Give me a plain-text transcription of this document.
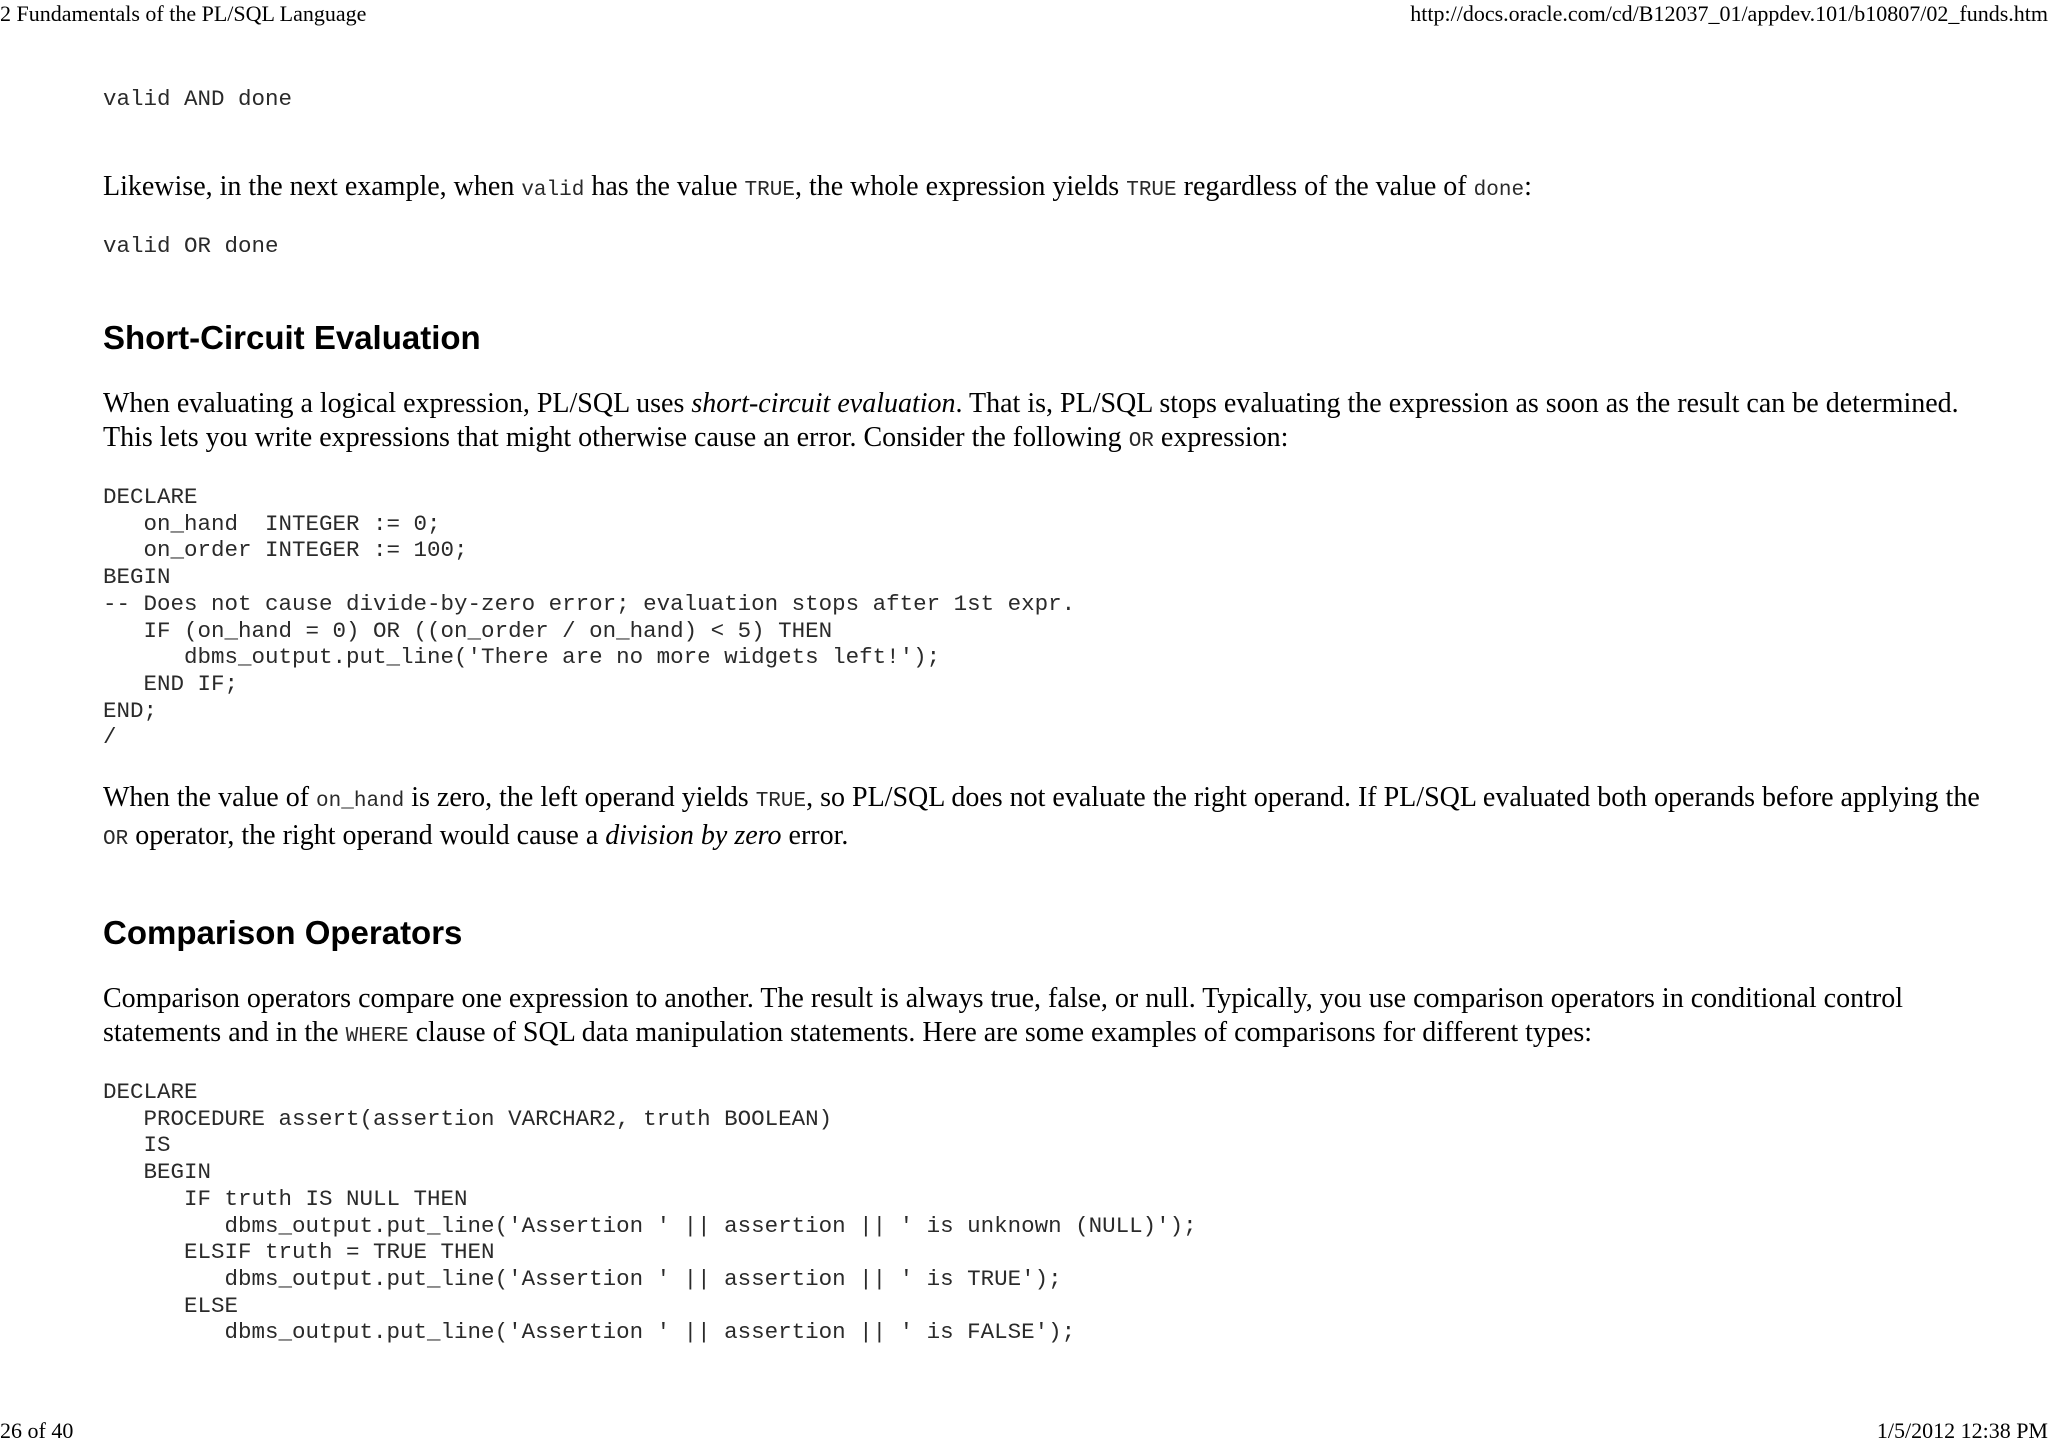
2 Fundamentals of the PL/SQL Language	http://docs.oracle.com/cd/B12037_01/appdev.101/b10807/02_funds.htm
valid AND done

Likewise, in the next example, when valid has the value TRUE, the whole expression yields TRUE regardless of the value of done:

valid OR done
Short-Circuit Evaluation

When evaluating a logical expression, PL/SQL uses short-circuit evaluation. That is, PL/SQL stops evaluating the expression as soon as the result can be determined. This lets you write expressions that might otherwise cause an error. Consider the following OR expression:

DECLARE
on_hand  INTEGER := 0;
on_order INTEGER := 100;
BEGIN
-- Does not cause divide-by-zero error; evaluation stops after 1st expr.
IF (on_hand = 0) OR ((on_order / on_hand) < 5) THEN
dbms_output.put_line('There are no more widgets left!');
END IF;
END;
/

When the value of on_hand is zero, the left operand yields TRUE, so PL/SQL does not evaluate the right operand. If PL/SQL evaluated both operands before applying the OR operator, the right operand would cause a division by zero error.

Comparison Operators

Comparison operators compare one expression to another. The result is always true, false, or null. Typically, you use comparison operators in conditional control statements and in the WHERE clause of SQL data manipulation statements. Here are some examples of comparisons for different types:

DECLARE
PROCEDURE assert(assertion VARCHAR2, truth BOOLEAN)
IS
BEGIN
IF truth IS NULL THEN
dbms_output.put_line('Assertion ' || assertion || ' is unknown (NULL)');
ELSIF truth = TRUE THEN
dbms_output.put_line('Assertion ' || assertion || ' is TRUE');
ELSE
dbms_output.put_line('Assertion ' || assertion || ' is FALSE');
26 of 40	1/5/2012 12:38 PM
